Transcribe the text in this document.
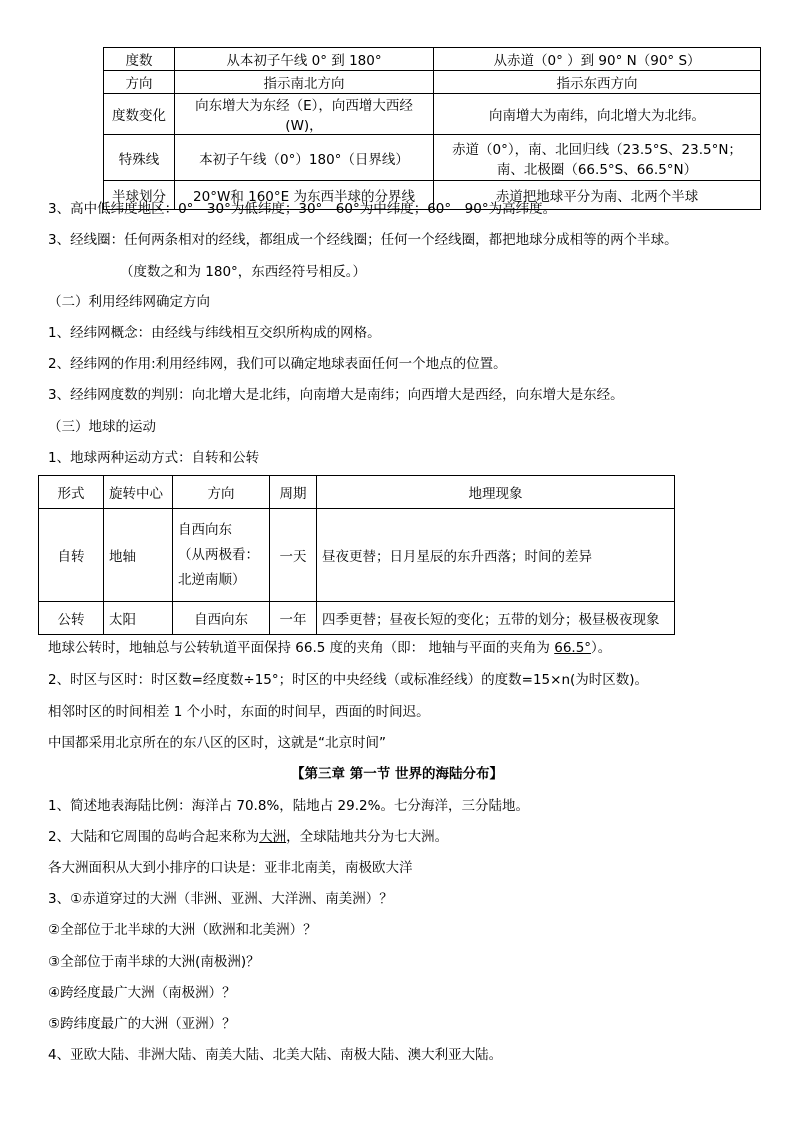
度数	从本初子午线 0° 到 180°	从赤道（0° ）到 90° N（90° S）
方向	指示南北方向	指示东西方向
度数变化	向东增大为东经（E），向西增大西经(W)，	向南增大为南纬，向北增大为北纬。
特殊线	本初子午线（0°）180°（日界线）	赤道（0°），南、北回归线（23.5°S、23.5°N；
南、北极圈（66.5°S、66.5°N）

半球划分	20°W和 160°E 为东西半球的分界线	赤道把地球平分为南、北两个半球
3、高中低纬度地区：0°—30°为低纬度；30°—60°为中纬度；60°—90°为高纬度。
3、经线圈：任何两条相对的经线，都组成一个经线圈；任何一个经线圈，都把地球分成相等的两个半球。
（度数之和为 180°，东西经符号相反。）
（二）利用经纬网确定方向
1、经纬网概念：由经线与纬线相互交织所构成的网格。
2、经纬网的作用:利用经纬网，我们可以确定地球表面任何一个地点的位置。
3、经纬网度数的判别：向北增大是北纬，向南增大是南纬；向西增大是西经，向东增大是东经。
（三）地球的运动
1、地球两种运动方式：自转和公转
形式	旋转中心	方向	周期	地理现象
自转	地轴	自西向东
（从两极看：
北逆南顺）	一天	昼夜更替；日月星辰的东升西落；时间的差异
公转	太阳	自西向东	一年	四季更替；昼夜长短的变化；五带的划分；极昼极夜现象
地球公转时，地轴总与公转轨道平面保持 66.5 度的夹角（即： 地轴与平面的夹角为 66.5°）。
2、时区与区时：时区数=经度数÷15°；时区的中央经线（或标准经线）的度数=15×n(为时区数)。
相邻时区的时间相差 1 个小时，东面的时间早，西面的时间迟。
中国都采用北京所在的东八区的区时，这就是“北京时间”
【第三章 第一节 世界的海陆分布】
1、简述地表海陆比例：海洋占 70.8%，陆地占 29.2%。七分海洋，三分陆地。
2、大陆和它周围的岛屿合起来称为大洲，全球陆地共分为七大洲。
各大洲面积从大到小排序的口诀是：亚非北南美，南极欧大洋
3、①赤道穿过的大洲（非洲、亚洲、大洋洲、南美洲）？
②全部位于北半球的大洲（欧洲和北美洲）？
③全部位于南半球的大洲(南极洲)？
④跨经度最广大洲（南极洲）？
⑤跨纬度最广的大洲（亚洲）？
4、亚欧大陆、非洲大陆、南美大陆、北美大陆、南极大陆、澳大利亚大陆。
